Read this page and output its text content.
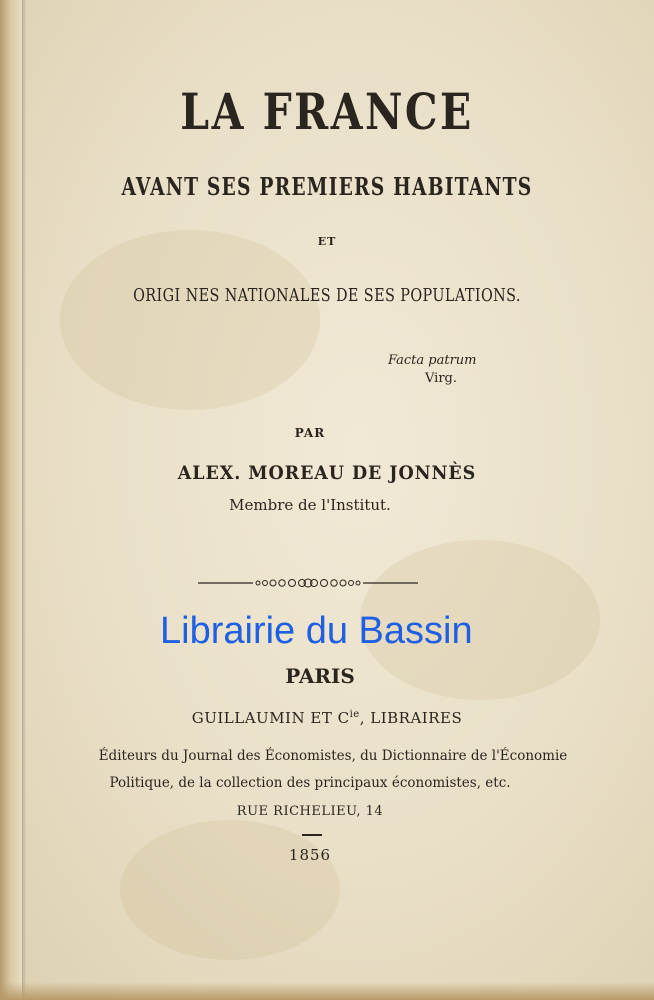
LA FRANCE
AVANT SES PREMIERS HABITANTS
ET
ORIGI NES NATIONALES DE SES POPULATIONS.
Facta patrum
Virg.
PAR
ALEX. MOREAU DE JONNÈS
Membre de l'Institut.
Librairie du Bassin
PARIS
GUILLAUMIN ET $C^{ie}$, LIBRAIRES
Éditeurs du Journal des Économistes, du Dictionnaire de l'Économie
Politique, de la collection des principaux économistes, etc.
RUE RICHELIEU, 14
1856
